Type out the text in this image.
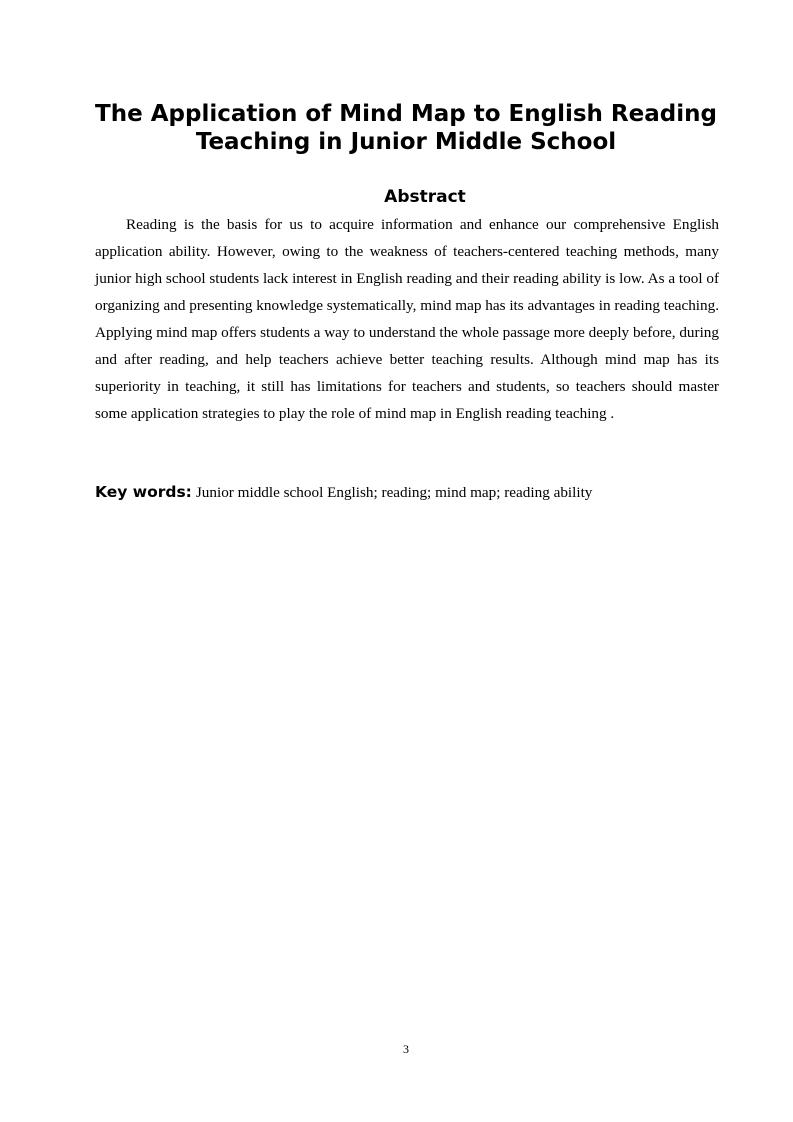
The Application of Mind Map to English Reading
Teaching in Junior Middle School
Abstract

Reading is the basis for us to acquire information and enhance our comprehensive English application ability. However, owing to the weakness of teachers-centered teaching methods, many junior high school students lack interest in English reading and their reading ability is low. As a tool of organizing and presenting knowledge systematically, mind map has its advantages in reading teaching. Applying mind map offers students a way to understand the whole passage more deeply before, during and after reading, and help teachers achieve better teaching results. Although mind map has its superiority in teaching, it still has limitations for teachers and students, so teachers should master some application strategies to play the role of mind map in English reading teaching .

Key words: Junior middle school English; reading; mind map; reading ability

3
